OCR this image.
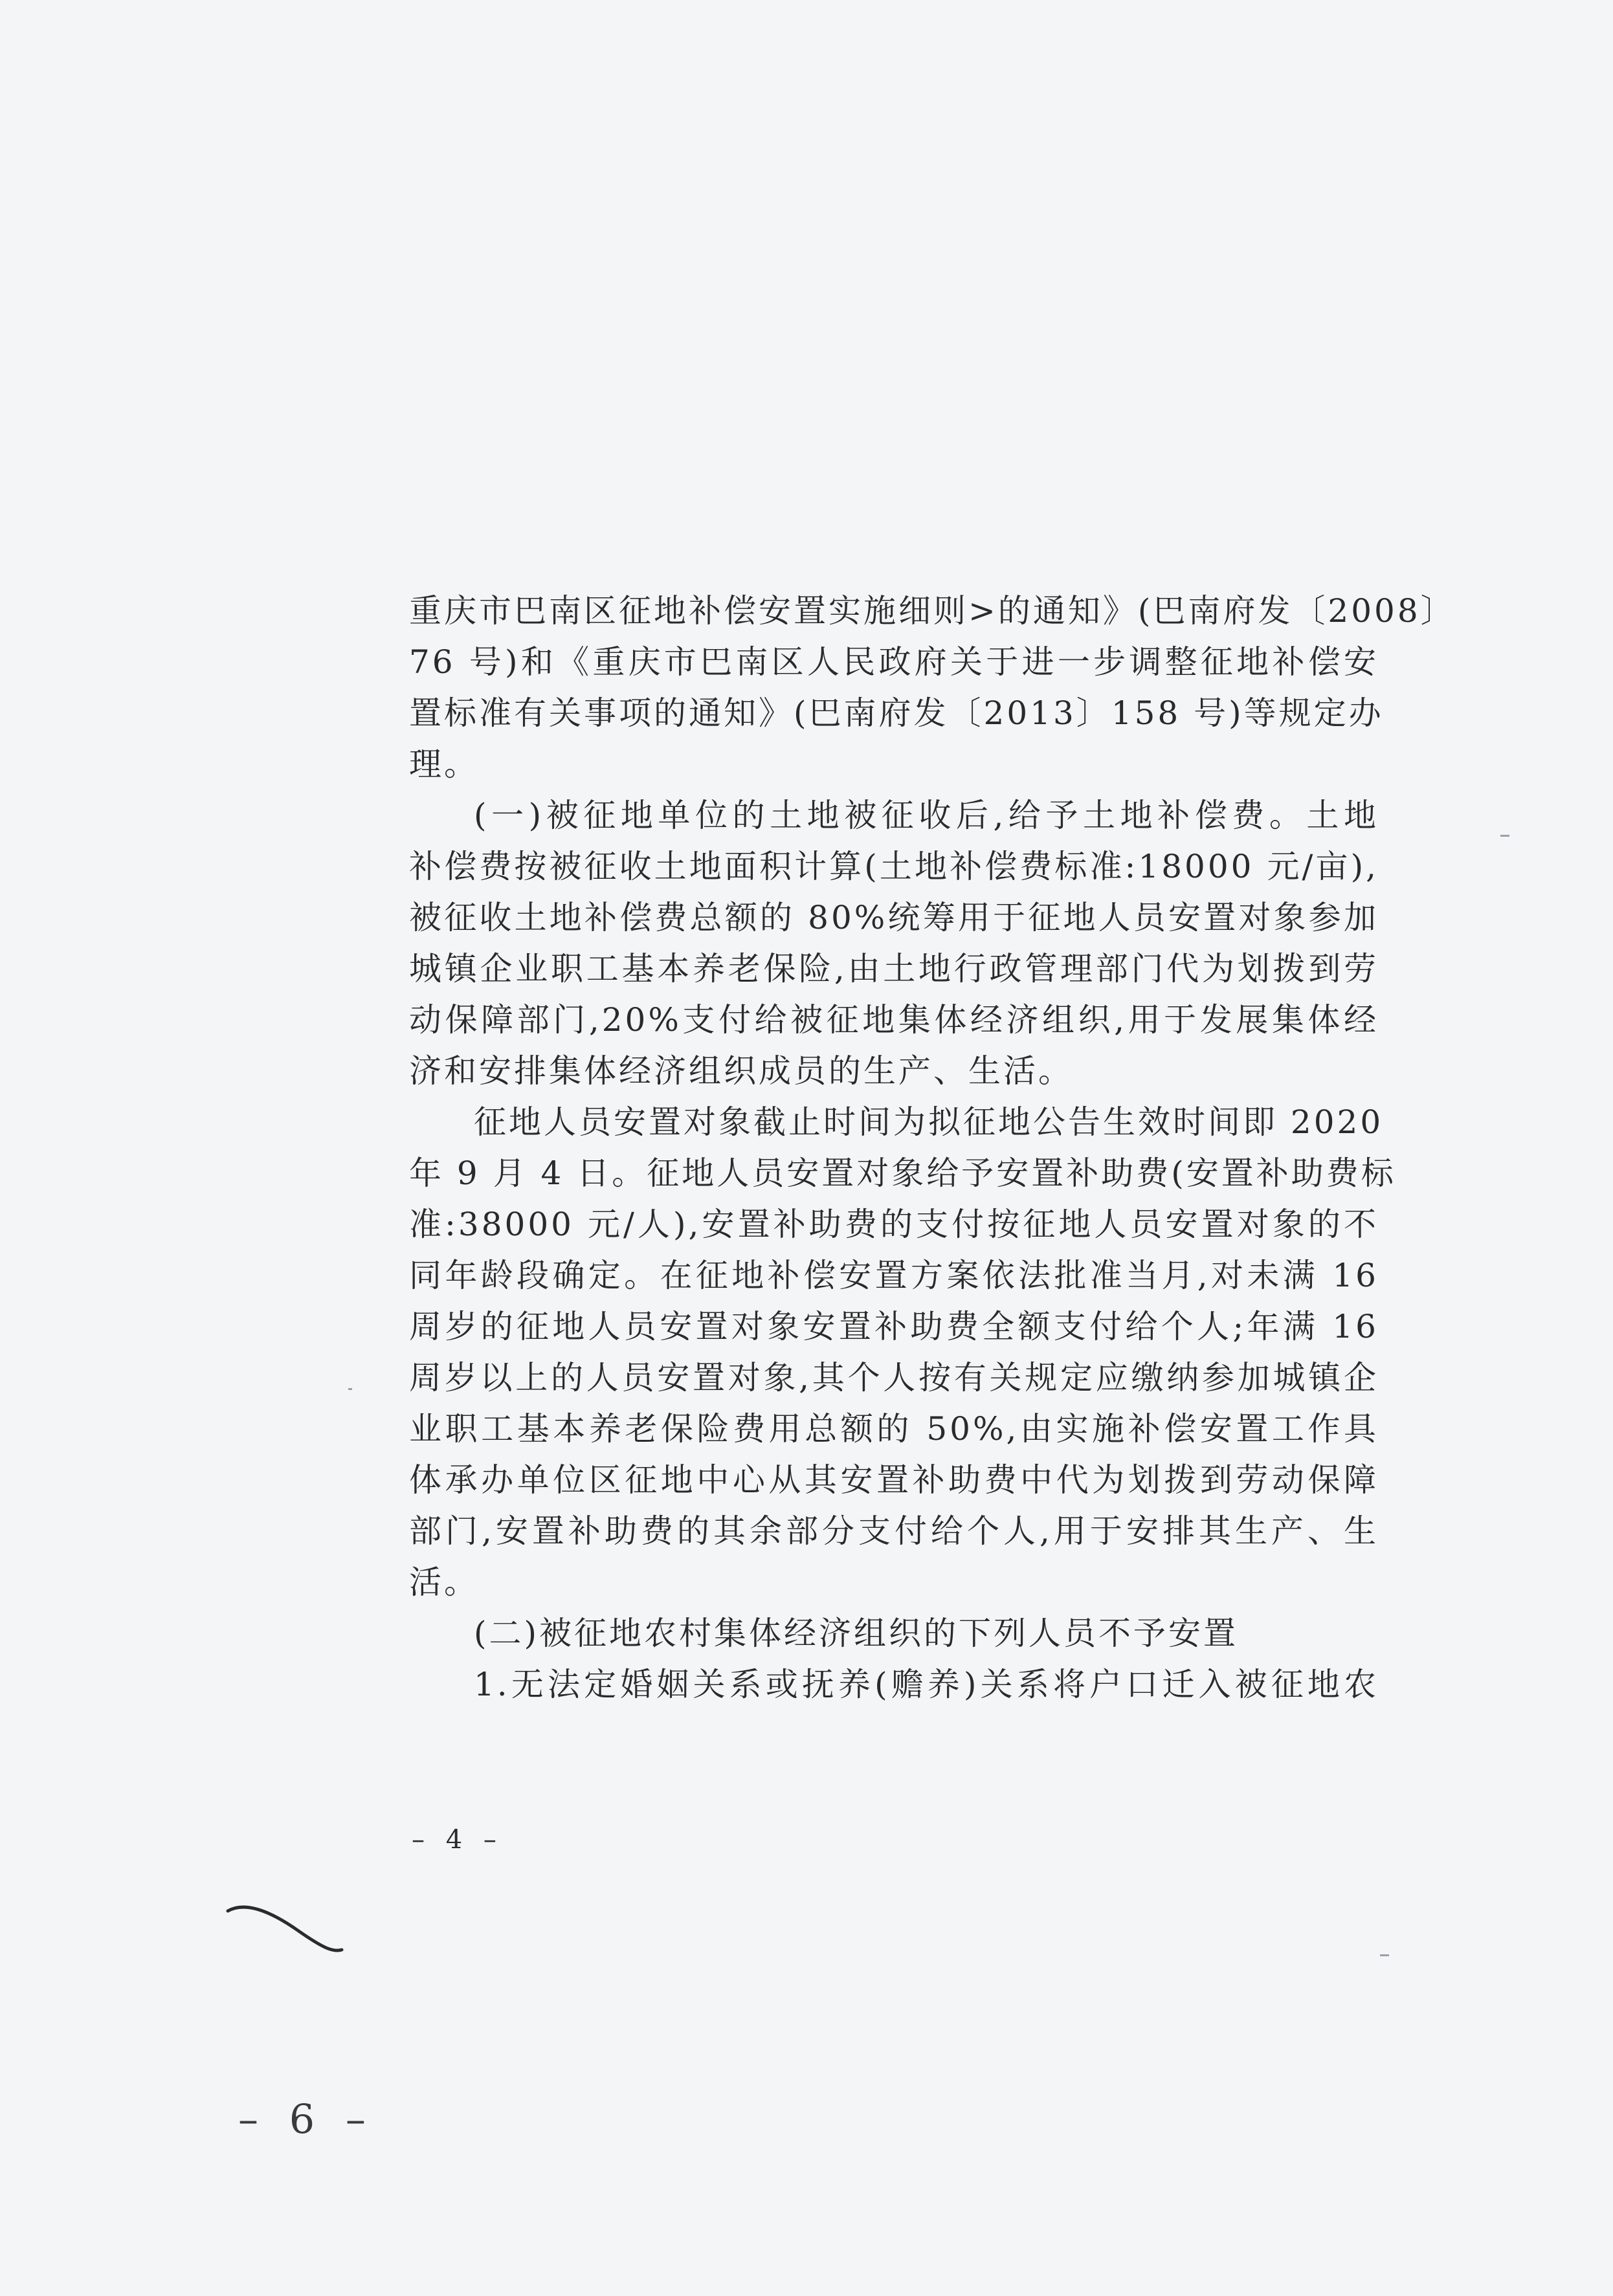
重庆市巴南区征地补偿安置实施细则>的通知》(巴南府发〔2008〕
76 号)和《重庆市巴南区人民政府关于进一步调整征地补偿安
置标准有关事项的通知》(巴南府发〔2013〕158 号)等规定办
理。
(一)被征地单位的土地被征收后,给予土地补偿费。土地
补偿费按被征收土地面积计算(土地补偿费标准:18000 元/亩),
被征收土地补偿费总额的 80%统筹用于征地人员安置对象参加
城镇企业职工基本养老保险,由土地行政管理部门代为划拨到劳
动保障部门,20%支付给被征地集体经济组织,用于发展集体经
济和安排集体经济组织成员的生产、生活。
征地人员安置对象截止时间为拟征地公告生效时间即 2020
年 9 月 4 日。征地人员安置对象给予安置补助费(安置补助费标
准:38000 元/人),安置补助费的支付按征地人员安置对象的不
同年龄段确定。在征地补偿安置方案依法批准当月,对未满 16
周岁的征地人员安置对象安置补助费全额支付给个人;年满 16
周岁以上的人员安置对象,其个人按有关规定应缴纳参加城镇企
业职工基本养老保险费用总额的 50%,由实施补偿安置工作具
体承办单位区征地中心从其安置补助费中代为划拨到劳动保障
部门,安置补助费的其余部分支付给个人,用于安排其生产、生
活。
(二)被征地农村集体经济组织的下列人员不予安置
1.无法定婚姻关系或抚养(赡养)关系将户口迁入被征地农
– 4 –
– 6 –
